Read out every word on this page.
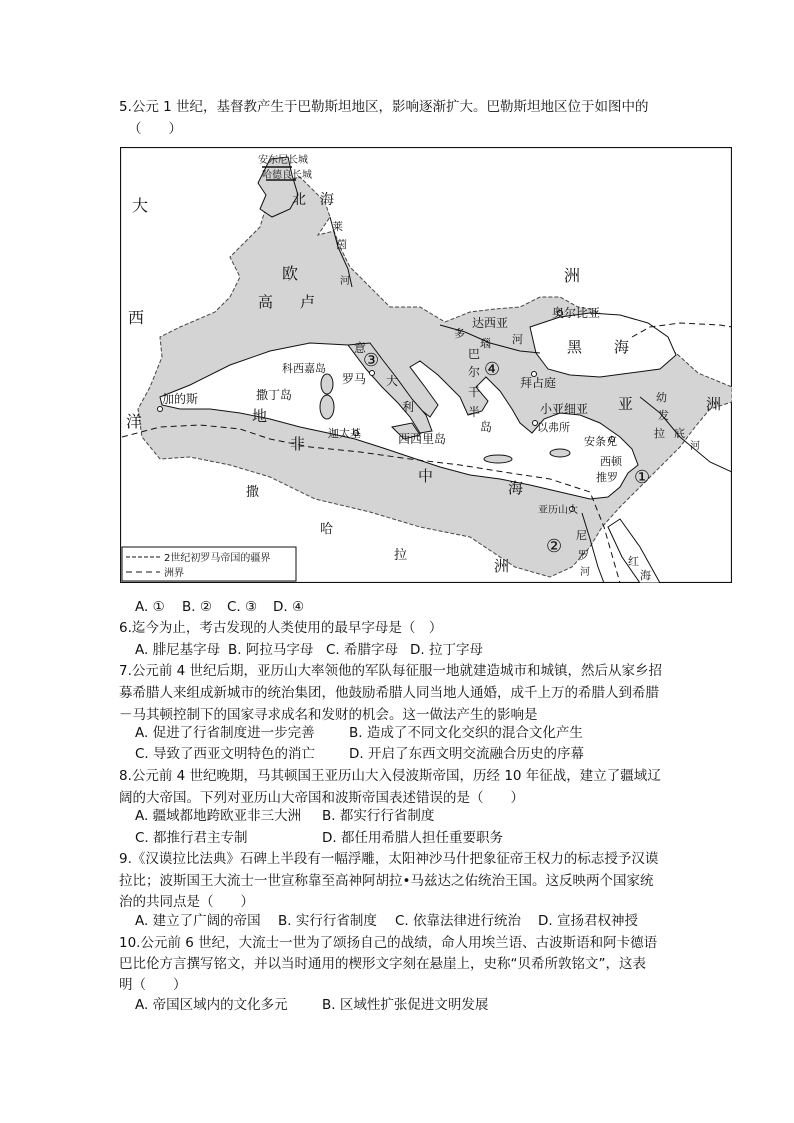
5.公元 1 世纪，基督教产生于巴勒斯坦地区，影响逐渐扩大。巴勒斯坦地区位于如图中的
（　　）
安东尼长城
哈德良长城
北　海
莱
茵
河
大
西
洋
欧	洲
高 卢
达西亚
多
瑙 河
奥尔比亚
黑 海
科西嘉岛
意
大
利
罗马
巴
尔
干
半
岛
拜占庭
加的斯	撒丁岛
地
中
海
小亚细亚 亚	洲
幼
发
拉 底
河
以弗所
安条克
迦太基	西西里岛
西顿
推罗
非
洲
撒
哈
拉
亚历山大
尼
罗
河
红
海
①
②
③	④
2世纪初罗马帝国的疆界
洲界
A. ① B. ② C. ③ D. ④
6.迄今为止，考古发现的人类使用的最早字母是（　）
A. 腓尼基字母 B. 阿拉马字母 C. 希腊字母 D. 拉丁字母
7.公元前 4 世纪后期，亚历山大率领他的军队每征服一地就建造城市和城镇，然后从家乡招
募希腊人来组成新城市的统治集团，他鼓励希腊人同当地人通婚，成千上万的希腊人到希腊
－马其顿控制下的国家寻求成名和发财的机会。这一做法产生的影响是
A. 促进了行省制度进一步完善	B. 造成了不同文化交织的混合文化产生
C. 导致了西亚文明特色的消亡	D. 开启了东西文明交流融合历史的序幕
8.公元前 4 世纪晚期，马其顿国王亚历山大入侵波斯帝国，历经 10 年征战，建立了疆域辽
阔的大帝国。下列对亚历山大帝国和波斯帝国表述错误的是（　　）
A. 疆域都地跨欧亚非三大洲 B. 都实行行省制度
C. 都推行君主专制	D. 都任用希腊人担任重要职务
9.《汉谟拉比法典》石碑上半段有一幅浮雕，太阳神沙马什把象征帝王权力的标志授予汉谟
拉比；波斯国王大流士一世宣称靠至高神阿胡拉•马兹达之佑统治王国。这反映两个国家统
治的共同点是（　　）
A. 建立了广阔的帝国 B. 实行行省制度 C. 依靠法律进行统治 D. 宣扬君权神授
10.公元前 6 世纪，大流士一世为了颂扬自己的战绩，命人用埃兰语、古波斯语和阿卡德语
巴比伦方言撰写铭文，并以当时通用的楔形文字刻在悬崖上，史称“贝希所敦铭文”，这表
明（　　）
A. 帝国区域内的文化多元	B. 区域性扩张促进文明发展
